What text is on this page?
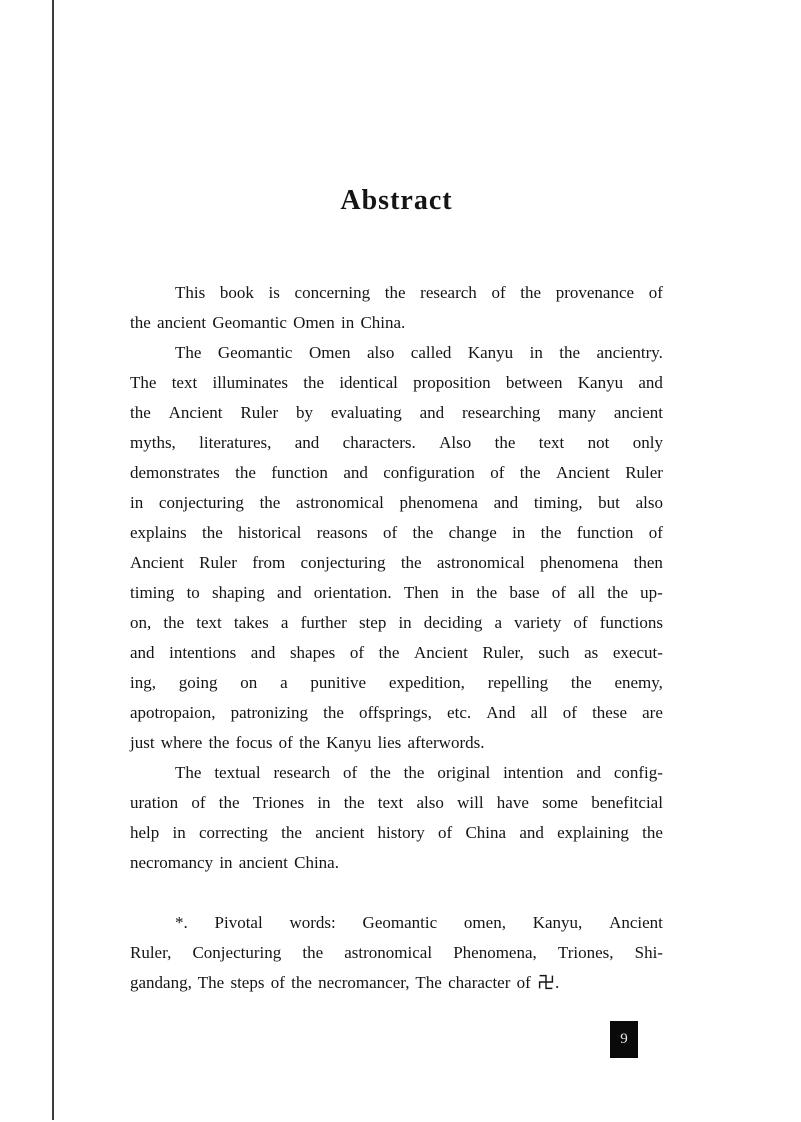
Abstract
This book is concerning the research of the provenance of
the ancient Geomantic Omen in China.
The Geomantic Omen also called Kanyu in the ancientry.
The text illuminates the identical proposition between Kanyu and
the Ancient Ruler by evaluating and researching many ancient
myths, literatures, and characters. Also the text not only
demonstrates the function and configuration of the Ancient Ruler
in conjecturing the astronomical phenomena and timing, but also
explains the historical reasons of the change in the function of
Ancient Ruler from conjecturing the astronomical phenomena then
timing to shaping and orientation. Then in the base of all the up-
on, the text takes a further step in deciding a variety of functions
and intentions and shapes of the Ancient Ruler, such as execut-
ing, going on a punitive expedition, repelling the enemy,
apotropaion, patronizing the offsprings, etc. And all of these are
just where the focus of the Kanyu lies afterwords.
The textual research of the the original intention and config-
uration of the Triones in the text also will have some benefitcial
help in correcting the ancient history of China and explaining the
necromancy in ancient China.
*. Pivotal words: Geomantic omen, Kanyu, Ancient
Ruler, Conjecturing the astronomical Phenomena, Triones, Shi-
gandang, The steps of the necromancer, The character of .
9
